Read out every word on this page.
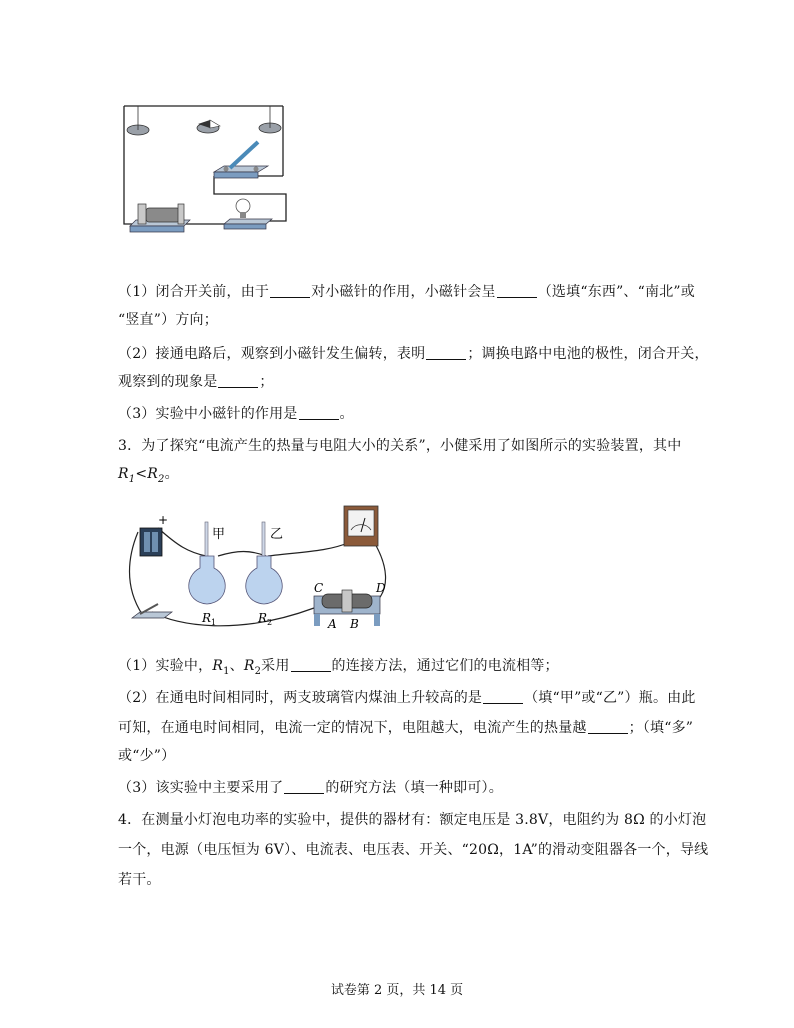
（1）闭合开关前，由于	对小磁针的作用，小磁针会呈	（选填“东西”、“南北”或
“竖直”）方向；
（2）接通电路后，观察到小磁针发生偏转，表明	；调换电路中电池的极性，闭合开关，
观察到的现象是	；
（3）实验中小磁针的作用是	。
3．为了探究“电流产生的热量与电阻大小的关系”，小健采用了如图所示的实验装置，其中
$R_1<R_2$。
+
甲
R 1
乙
R 2
C	D
A B
（1）实验中，$R_1$、$R_2$采用	的连接方法，通过它们的电流相等；
（2）在通电时间相同时，两支玻璃管内煤油上升较高的是	（填“甲”或“乙”）瓶。由此
可知，在通电时间相同，电流一定的情况下，电阻越大，电流产生的热量越	；（填“多”
或“少”）
（3）该实验中主要采用了	的研究方法（填一种即可）。
4．在测量小灯泡电功率的实验中，提供的器材有：额定电压是 3.8V，电阻约为 8Ω 的小灯泡
一个，电源（电压恒为 6V）、电流表、电压表、开关、“20Ω，1A”的滑动变阻器各一个，导线
若干。
试卷第 2 页，共 14 页
